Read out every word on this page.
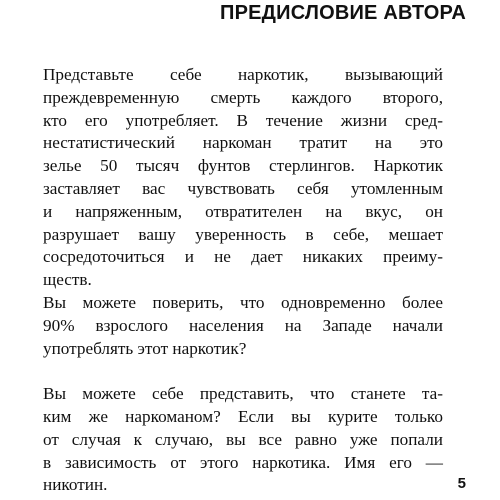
ПРЕДИСЛОВИЕ АВТОРА
Представьте себе наркотик, вызывающий
преждевременную смерть каждого второго,
кто его употребляет. В течение жизни сред-
нестатистический наркоман тратит на это
зелье 50 тысяч фунтов стерлингов. Наркотик
заставляет вас чувствовать себя утомленным
и напряженным, отвратителен на вкус, он
разрушает вашу уверенность в себе, мешает
сосредоточиться и не дает никаких преиму-
ществ.
Вы можете поверить, что одновременно более
90% взрослого населения на Западе начали
употреблять этот наркотик?
Вы можете себе представить, что станете та-
ким же наркоманом? Если вы курите только
от случая к случаю, вы все равно уже попали
в зависимость от этого наркотика. Имя его —
никотин.	5
